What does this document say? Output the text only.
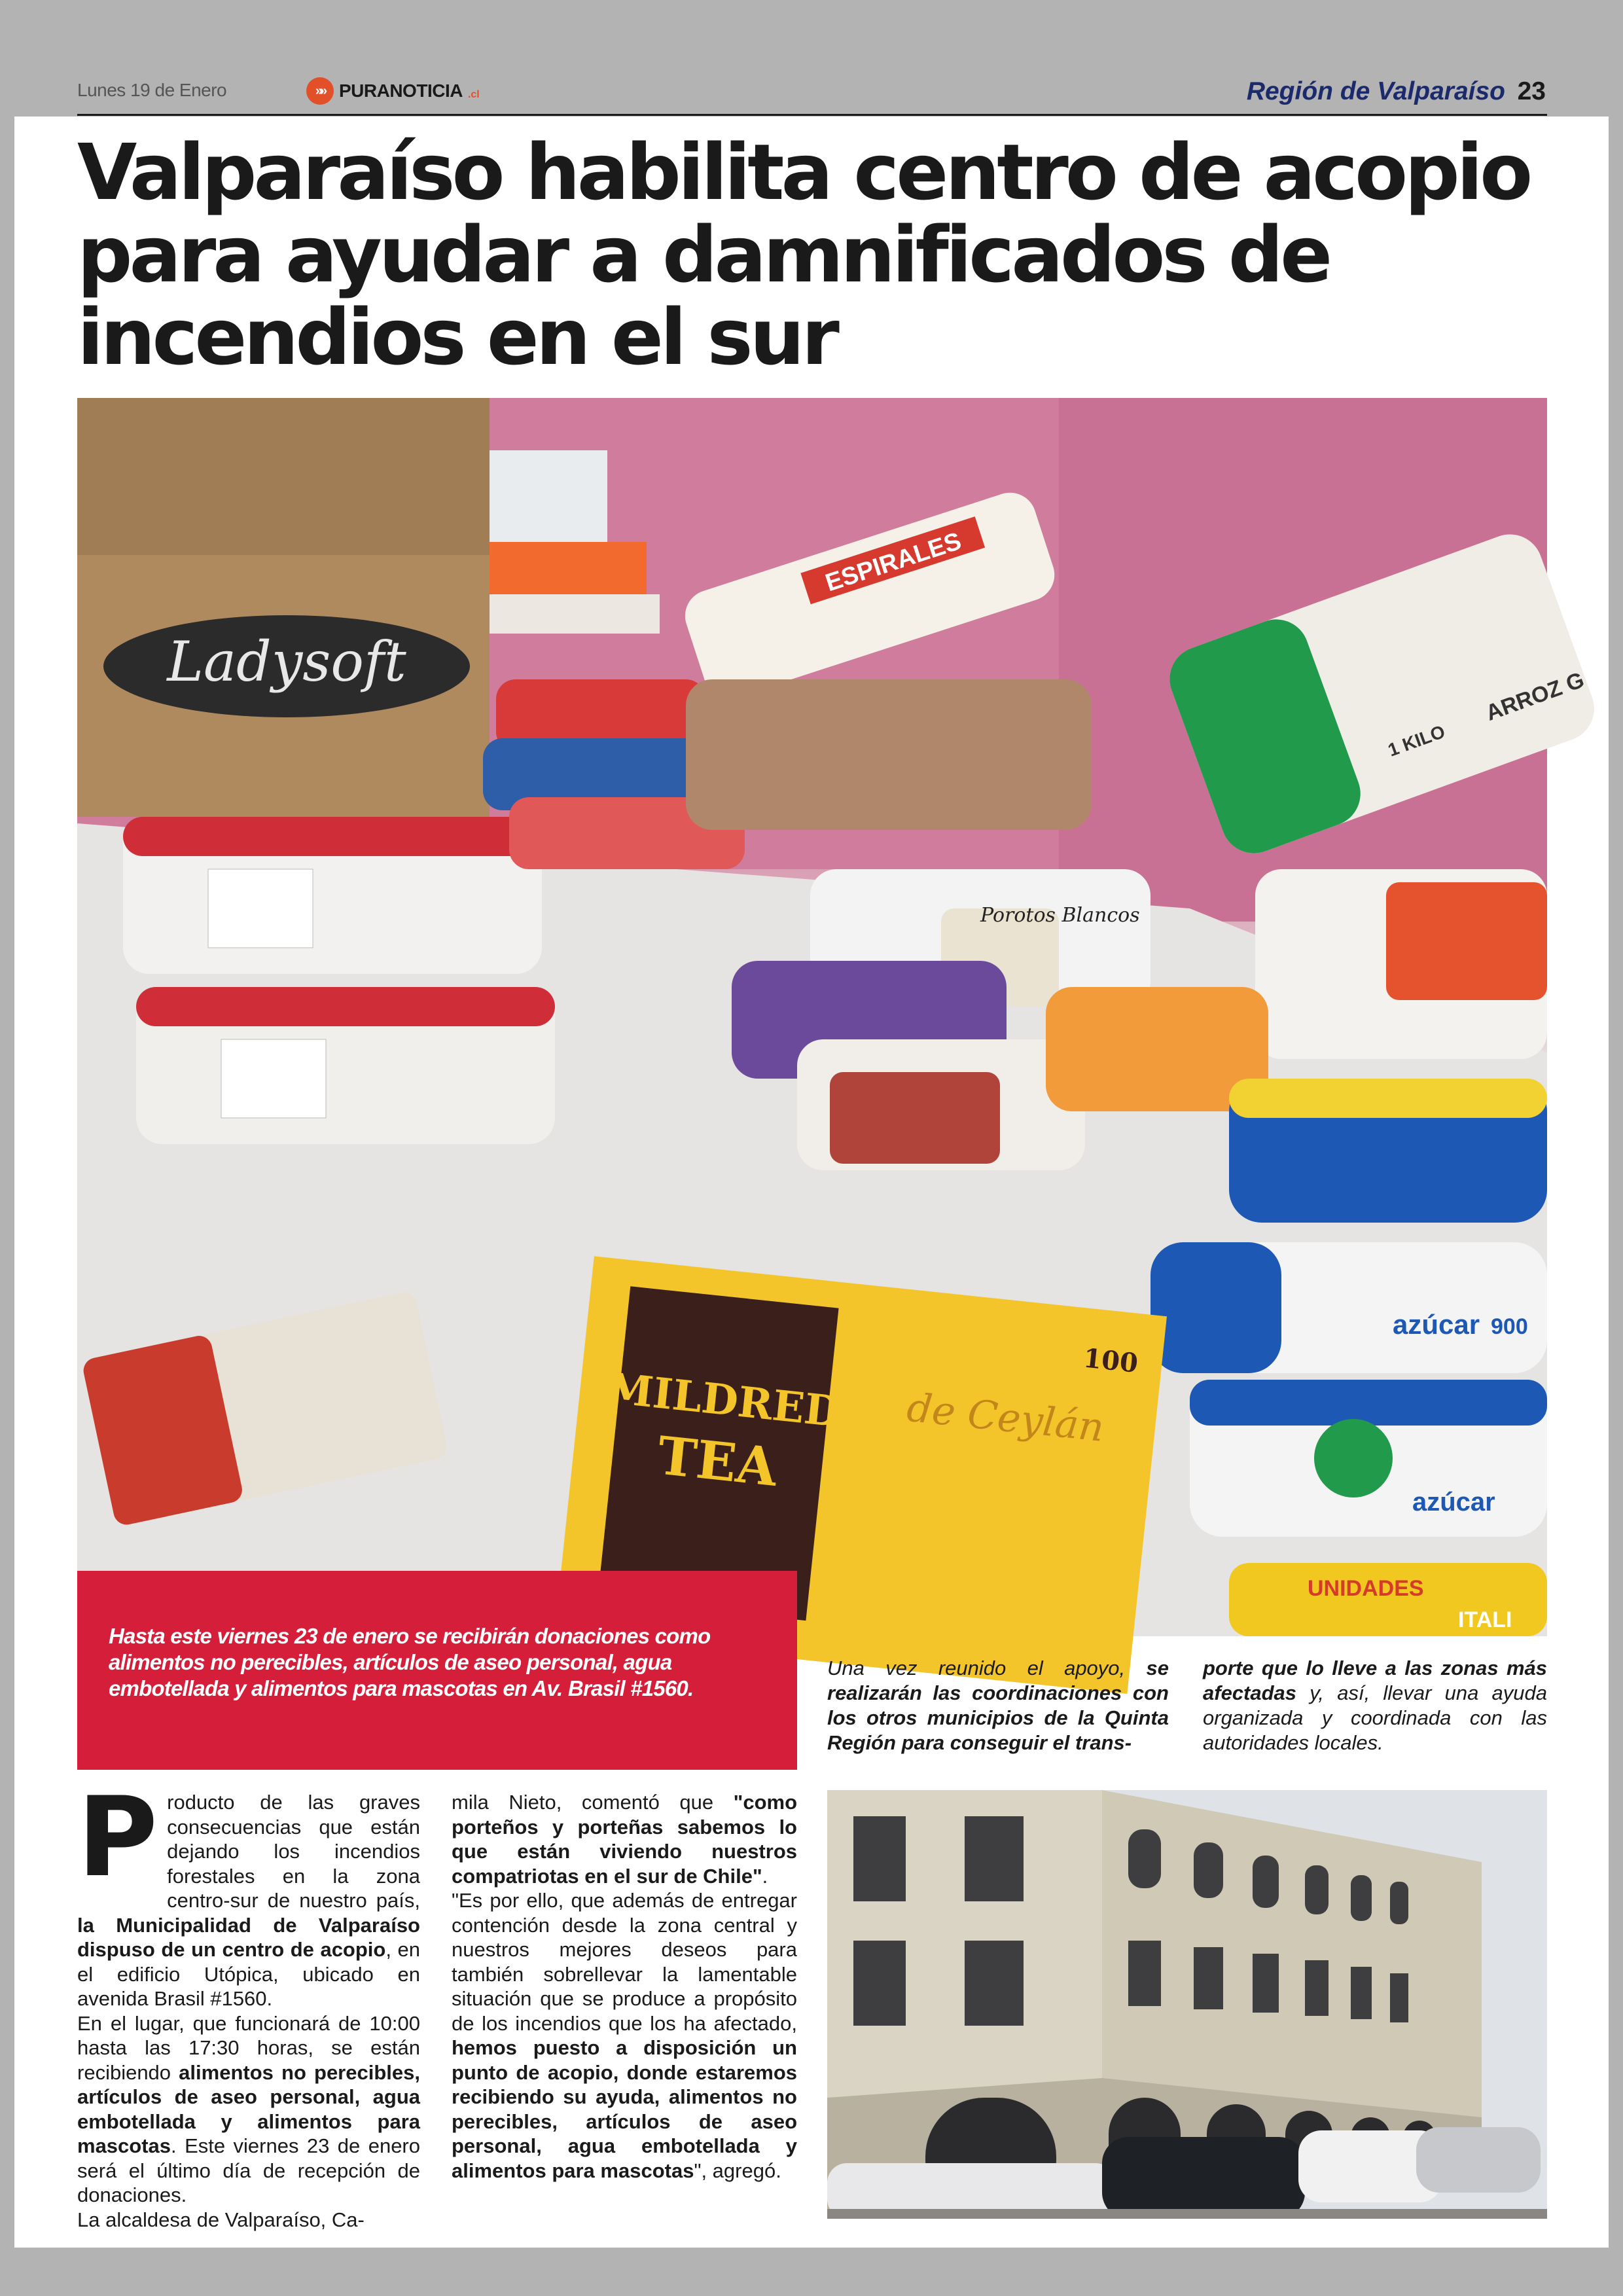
Lunes 19 de Enero	»» PURANOTICIA .cl	Región de Valparaíso 23
Valparaíso habilita centro de acopio para ayudar a damnificados de incendios en el sur
Ladysoft
ESPIRALES
Porotos Blancos
ARROZ G
1 KILO
azúcar 900
azúcar
UNIDADES
ITALI
MILDRED
TEA
de Ceylán
100
Hasta este viernes 23 de enero se recibirán donaciones como alimentos no perecibles, artículos de aseo personal, agua embotellada y alimentos para mascotas en Av. Brasil #1560.
Una vez reunido el apoyo, se realizarán las coordinaciones con los otros municipios de la Quinta Región para conseguir el trans-
porte que lo lleve a las zonas más afectadas y, así, llevar una ayuda organizada y coordinada con las autoridades locales.

Producto de las graves consecuencias que están dejando los incendios forestales en la zona centro-sur de nuestro país, la Municipalidad de Valparaíso dispuso de un centro de acopio, en el edificio Utópica, ubicado en avenida Brasil #1560.

En el lugar, que funcionará de 10:00 hasta las 17:30 horas, se están recibiendo alimentos no perecibles, artículos de aseo personal, agua embotellada y alimentos para mascotas. Este viernes 23 de enero será el último día de recepción de donaciones.

La alcaldesa de Valparaíso, Ca-

mila Nieto, comentó que "como porteños y porteñas sabemos lo que están viviendo nuestros compatriotas en el sur de Chile".

"Es por ello, que además de entregar contención desde la zona central y nuestros mejores deseos para también sobrellevar la lamentable situación que se produce a propósito de los incendios que los ha afectado, hemos puesto a disposición un punto de acopio, donde estaremos recibiendo su ayuda, alimentos no perecibles, artículos de aseo personal, agua embotellada y alimentos para mascotas", agregó.
